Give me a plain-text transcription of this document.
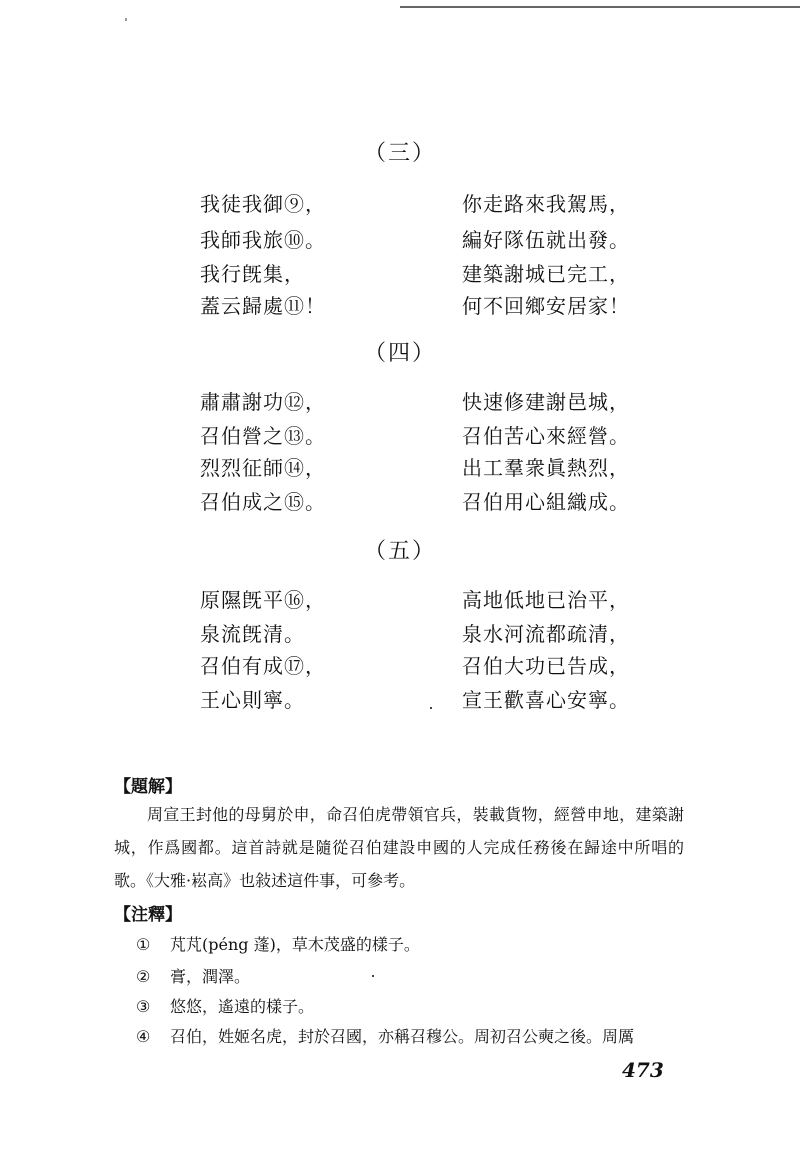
（三）
我徒我御⑨，
我師我旅⑩。
我行旣集，
蓋云歸處⑪！
你走路來我駕馬，
編好隊伍就出發。
建築謝城已完工，
何不回鄉安居家！
（四）
肅肅謝功⑫，
召伯營之⑬。
烈烈征師⑭，
召伯成之⑮。
快速修建謝邑城，
召伯苦心來經營。
出工羣衆眞熱烈，
召伯用心組織成。
（五）
原隰旣平⑯，
泉流旣清。
召伯有成⑰，
王心則寧。
高地低地已治平，
泉水河流都疏清，
召伯大功已告成，
宣王歡喜心安寧。
【題解】
周宣王封他的母舅於申，命召伯虎帶領官兵，裝載貨物，經營申地，建築謝城，作爲國都。這首詩就是隨從召伯建設申國的人完成任務後在歸途中所唱的歌。《大雅·崧高》也敍述這件事，可參考。
【注釋】
① 芃芃(péng 蓬)，草木茂盛的樣子。
② 膏，潤澤。
③ 悠悠，遙遠的樣子。
④ 召伯，姓姬名虎，封於召國，亦稱召穆公。周初召公奭之後。周厲
473
